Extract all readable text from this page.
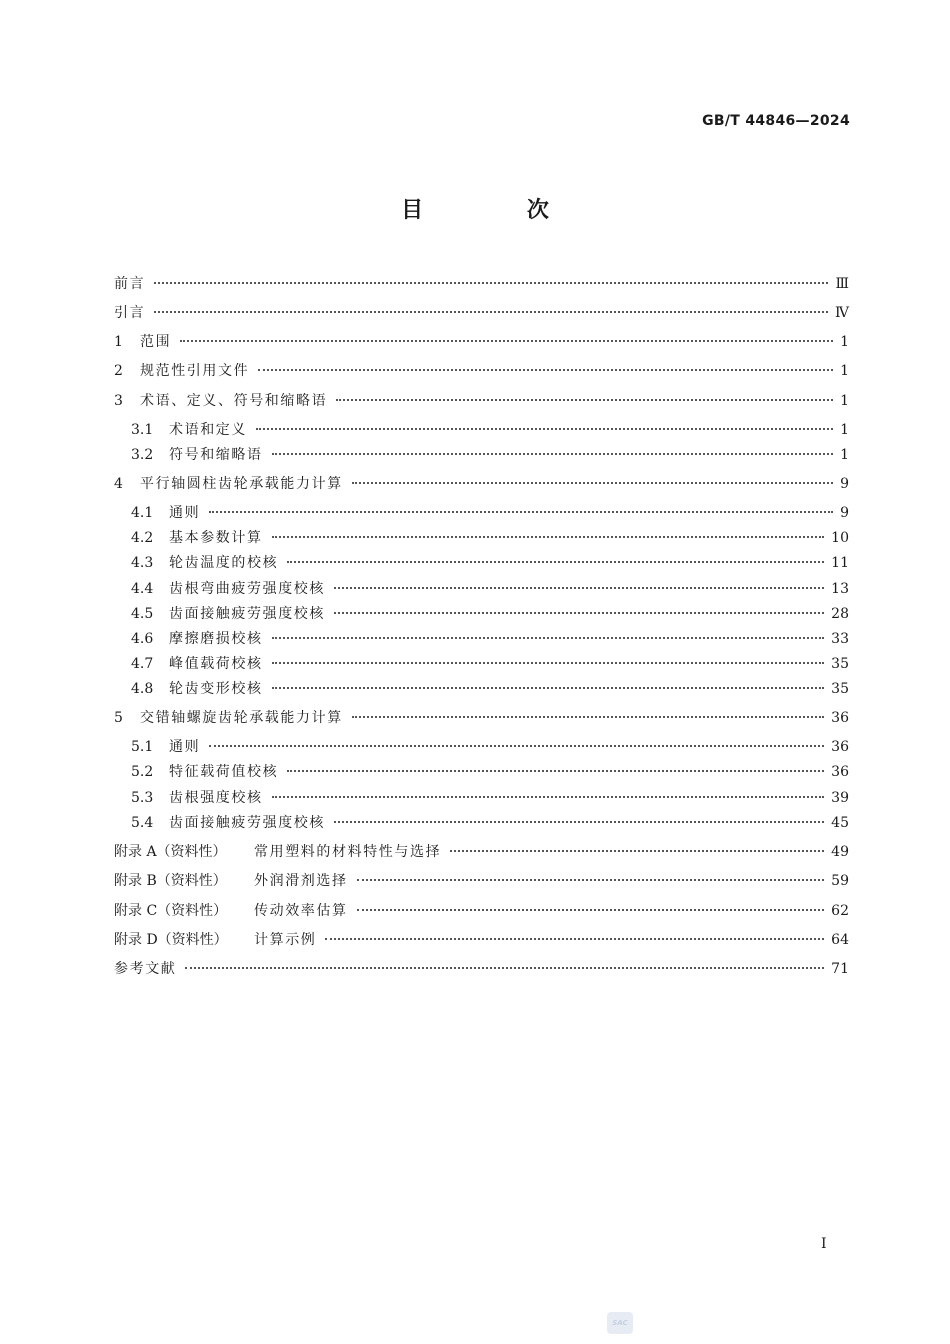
GB/T 44846—2024
目 次
前言	Ⅲ
引言	Ⅳ
1	范围	1
2	规范性引用文件	1
3	术语、定义、符号和缩略语	1
3.1	术语和定义	1
3.2	符号和缩略语	1
4	平行轴圆柱齿轮承载能力计算	9
4.1	通则	9
4.2	基本参数计算	10
4.3	轮齿温度的校核	11
4.4	齿根弯曲疲劳强度校核	13
4.5	齿面接触疲劳强度校核	28
4.6	摩擦磨损校核	33
4.7	峰值载荷校核	35
4.8	轮齿变形校核	35
5	交错轴螺旋齿轮承载能力计算	36
5.1	通则	36
5.2	特征载荷值校核	36
5.3	齿根强度校核	39
5.4	齿面接触疲劳强度校核	45
附录 A（资料性）	常用塑料的材料特性与选择	49
附录 B（资料性）	外润滑剂选择	59
附录 C（资料性）	传动效率估算	62
附录 D（资料性）	计算示例	64
参考文献	71
Ⅰ
SAC
